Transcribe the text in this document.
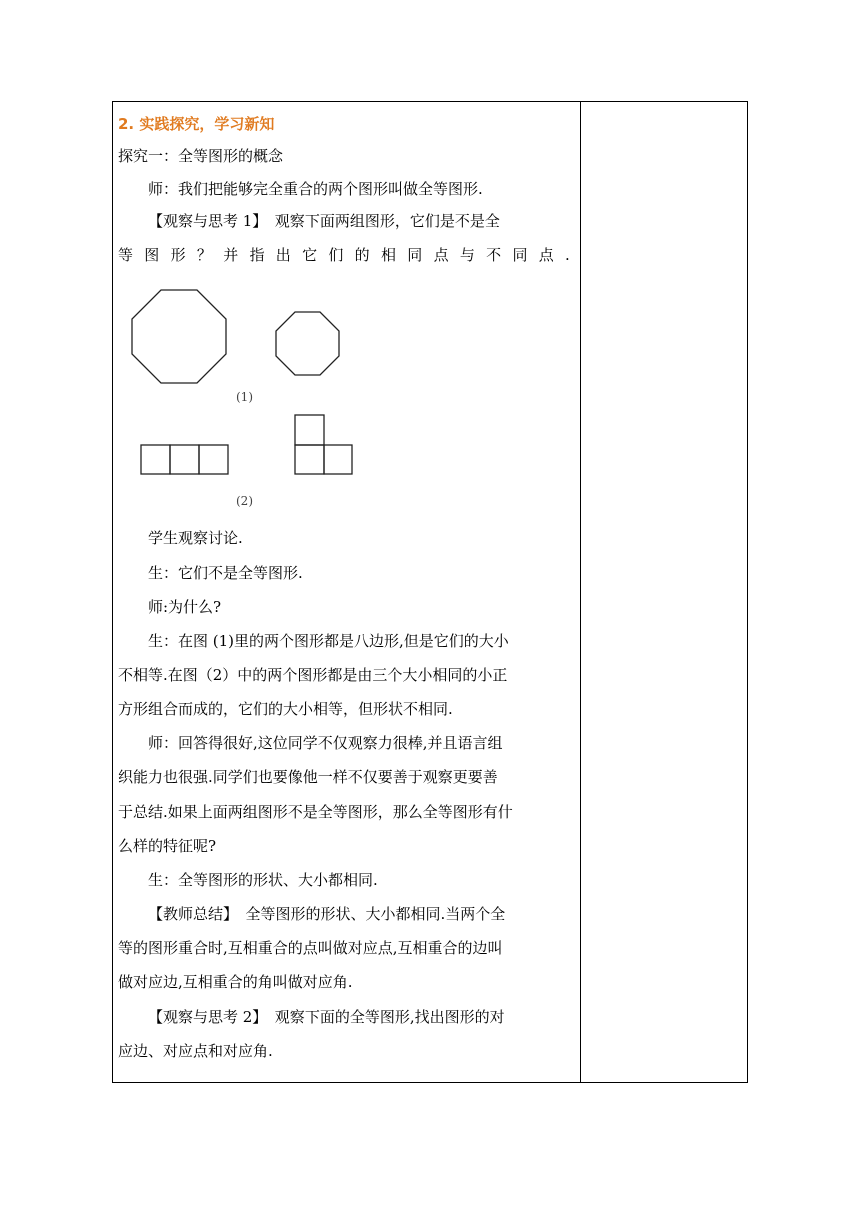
2. 实践探究，学习新知
探究一：全等图形的概念
师：我们把能够完全重合的两个图形叫做全等图形.
【观察与思考 1】　观察下面两组图形，它们是不是全
等 图 形 ？ 并 指 出 它 们 的 相 同 点 与 不 同 点 .
(1)
(2)
学生观察讨论.
生：它们不是全等图形.
师:为什么?
生：在图 (1)里的两个图形都是八边形,但是它们的大小
不相等.在图（2）中的两个图形都是由三个大小相同的小正
方形组合而成的，它们的大小相等，但形状不相同.
师：回答得很好,这位同学不仅观察力很棒,并且语言组
织能力也很强.同学们也要像他一样不仅要善于观察更要善
于总结.如果上面两组图形不是全等图形，那么全等图形有什
么样的特征呢?
生：全等图形的形状、大小都相同.
【教师总结】　全等图形的形状、大小都相同.当两个全
等的图形重合时,互相重合的点叫做对应点,互相重合的边叫
做对应边,互相重合的角叫做对应角.
【观察与思考 2】　观察下面的全等图形,找出图形的对
应边、对应点和对应角.
